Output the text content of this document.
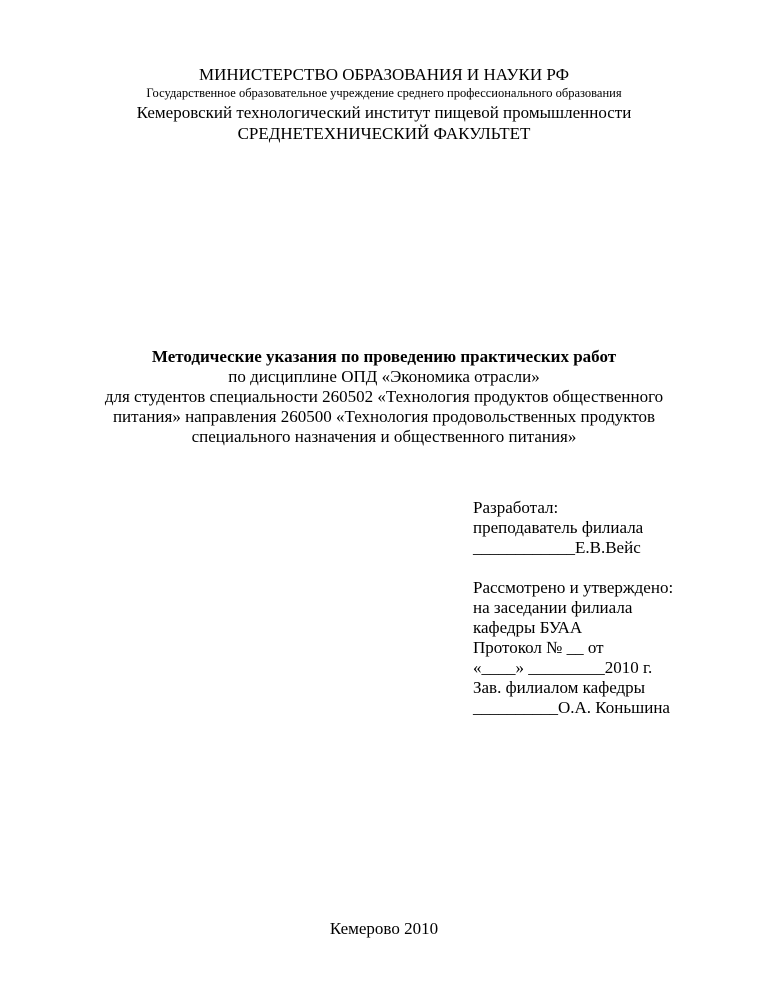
МИНИСТЕРСТВО ОБРАЗОВАНИЯ И НАУКИ РФ
Государственное образовательное учреждение среднего профессионального образования
Кемеровский технологический институт пищевой промышленности
СРЕДНЕТЕХНИЧЕСКИЙ ФАКУЛЬТЕТ
Методические указания по проведению практических работ
по дисциплине ОПД «Экономика отрасли»
для студентов специальности 260502 «Технология продуктов общественного
питания» направления 260500 «Технология продовольственных продуктов
специального назначения и общественного питания»
Разработал:
преподаватель филиала
____________Е.В.Вейс
Рассмотрено и утверждено:
на заседании филиала
кафедры БУАА
Протокол № __ от
«____» _________2010 г.
Зав. филиалом кафедры
__________О.А. Коньшина
Кемерово 2010
